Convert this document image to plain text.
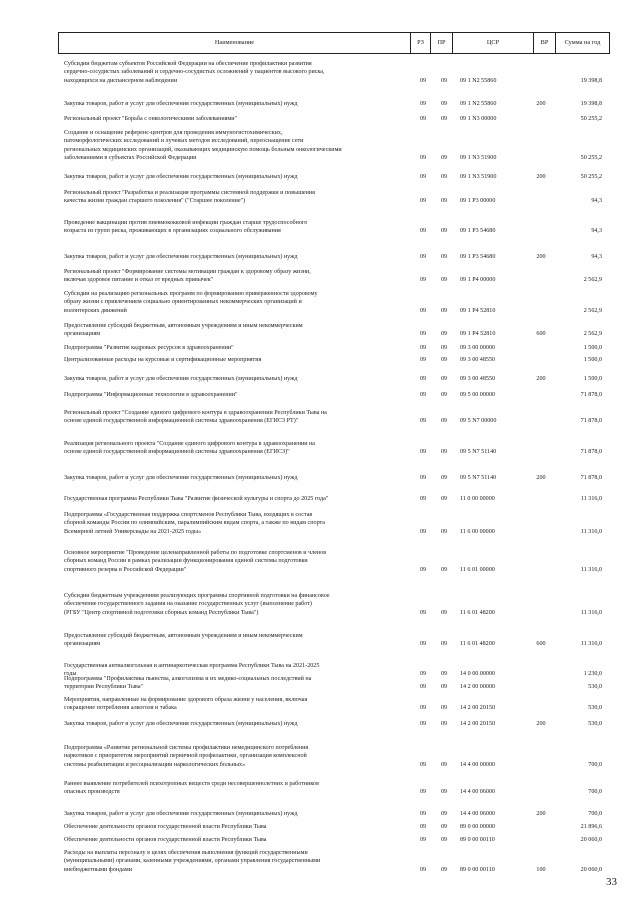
Наименование	РЗ	ПР	ЦСР	ВР	Сумма на год
Субсидии бюджетам субъектов Российской Федерации на обеспечение профилактики развития
сердечно-сосудистых заболеваний и сердечно-сосудистых осложнений у пациентов высокого риска,
находящихся на диспансерном наблюдении	09	09	09 1 N2 55860	19 398,8
Закупка товаров, работ и услуг для обеспечения государственных (муниципальных) нужд	09	09	09 1 N2 55860	200	19 398,8
Региональный проект "Борьба с онкологическими заболеваниями"	09	09	09 1 N3 00000	50 255,2
Создание и оснащение референс-центров для проведения иммуногистохимических,
патоморфологических исследований и лучевых методов исследований, переоснащение сети
региональных медицинских организаций, оказывающих медицинскую помощь больным онкологическими
заболеваниями в субъектах Российской Федерации	09	09	09 1 N3 51900	50 255,2
Закупка товаров, работ и услуг для обеспечения государственных (муниципальных) нужд	09	09	09 1 N3 51900	200	50 255,2
Региональный проект "Разработка и реализация программы системной поддержки и повышения
качества жизни граждан старшего поколения" ("Старшее поколение")	09	09	09 1 P3 00000	94,3
Проведение вакцинации против пневмококковой инфекции граждан старше трудоспособного
возраста из групп риска, проживающих в организациях социального обслуживания	09	09	09 1 P3 54680	94,3
Закупка товаров, работ и услуг для обеспечения государственных (муниципальных) нужд	09	09	09 1 P3 54680	200	94,3
Региональный проект "Формирование системы мотивации граждан к здоровому образу жизни,
включая здоровое питание и отказ от вредных привычек"	09	09	09 1 P4 00000	2 562,9
Субсидии на реализацию региональных программ по формированию приверженности здоровому
образу жизни с привлечением социально ориентированных некоммерческих организаций и
волонтерских движений	09	09	09 1 P4 52810	2 562,9
Предоставление субсидий бюджетным, автономным учреждениям и иным некоммерческим
организациям	09	09	09 1 P4 52810	600	2 562,9
Подпрограмма "Развитие кадровых ресурсов в здравоохранении"	09	09	09 3 00 00000	1 500,0
Централизованные расходы на курсовые и сертификационные мероприятия	09	09	09 3 00 48550	1 500,0
Закупка товаров, работ и услуг для обеспечения государственных (муниципальных) нужд	09	09	09 3 00 48550	200	1 500,0
Подпрограмма "Информационные технологии в здравоохранении"	09	09	09 5 00 00000	71 878,0
Региональный проект "Создание единого цифрового контура в здравоохранении Республики Тыва на
основе единой государственной информационной системы здравоохранения (ЕГИСЗ РТ)"	09	09	09 5 N7 00000	71 878,0
Реализация регионального проекта "Создание единого цифрового контура в здравоохранении на
основе единой государственной информационной системы здравоохранения (ЕГИСЗ)"	09	09	09 5 N7 51140	71 878,0
Закупка товаров, работ и услуг для обеспечения государственных (муниципальных) нужд	09	09	09 5 N7 51140	200	71 878,0
Государственная программа Республики Тыва "Развитие физической культуры и спорта до 2025 года"	09	09	11 0 00 00000	11 316,0
Подпрограмма «Государственная поддержка спортсменов Республики Тыва, входящих в состав
сборной команды России по олимпийским, паралимпийским видам спорта, а также по видам спорта
Всемирной летней Универсиады на 2021-2025 годы»	09	09	11 6 00 00000	11 316,0
Основное мероприятие "Проведение целенаправленной работы по подготовке спортсменов и членов
сборных команд России в рамках реализации функционирования единой системы подготовки
спортивного резерва в Российской Федерации"	09	09	11 6 01 00000	11 316,0
Субсидии бюджетным учреждениям реализующих программы спортивной подготовки на финансовое
обеспечение государственного задания на оказание государственных услуг (выполнение работ)
(РГБУ "Центр спортивной подготовки сборных команд Республики Тыва")	09	09	11 6 01 48200	11 316,0
Предоставление субсидий бюджетным, автономным учреждениям и иным некоммерческим
организациям	09	09	11 6 01 48200	600	11 316,0
Государственная антиалкогольная и антинаркотическая программа Республики Тыва на 2021-2025
годы	09	09	14 0 00 00000	1 230,0
Подпрограмма "Профилактика пьянства, алкоголизма и их медико-социальных последствий на
территории Республики Тыва"	09	09	14 2 00 00000	530,0
Мероприятия, направленные на формирование здорового образа жизни у населения, включая
сокращение потребления алкоголя и табака	09	09	14 2 00 20150	530,0
Закупка товаров, работ и услуг для обеспечения государственных (муниципальных) нужд	09	09	14 2 00 20150	200	530,0
Подпрограмма «Развитие региональной системы профилактики немедицинского потребления
наркотиков с приоритетом мероприятий первичной профилактики, организация комплексной
системы реабилитации и ресоциализации наркологических больных»	09	09	14 4 00 00000	700,0
Раннее выявление потребителей психотропных веществ среди несовершеннолетних и работников
опасных производств	09	09	14 4 00 06000	700,0
Закупка товаров, работ и услуг для обеспечения государственных (муниципальных) нужд	09	09	14 4 00 06000	200	700,0
Обеспечение деятельности органов государственной власти Республики Тыва	09	09	89 0 00 00000	21 896,6
Обеспечение деятельности органов государственной власти Республики Тыва	09	09	89 0 00 00110	20 060,0
Расходы на выплаты персоналу в целях обеспечения выполнения функций государственными
(муниципальными) органами, казенными учреждениями, органами управления государственными
внебюджетными фондами	09	09	89 0 00 00110	100	20 060,0
33
